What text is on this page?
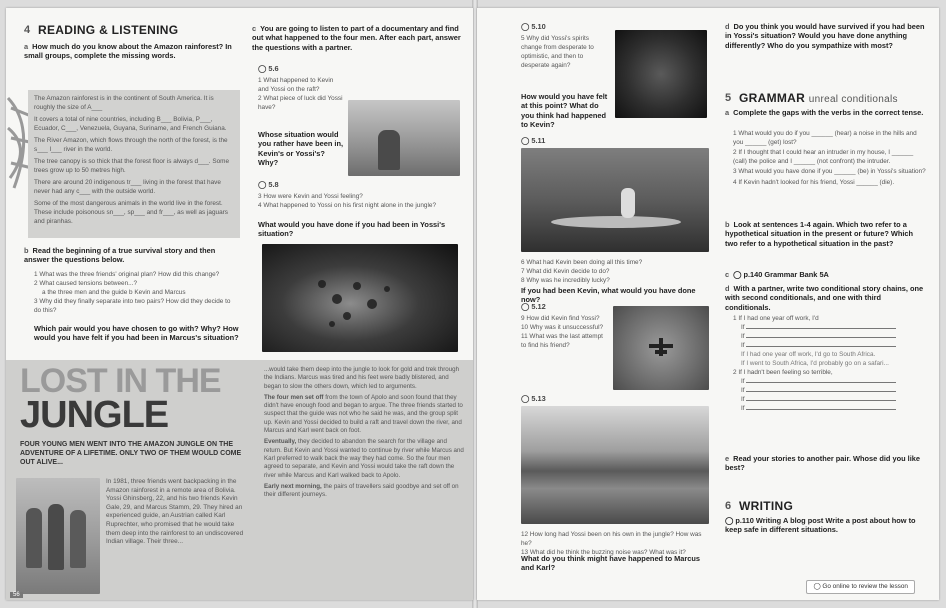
4 READING & LISTENING
a How much do you know about the Amazon rainforest? In small groups, complete the missing words.
The Amazon rainforest is in the continent of South America. It is roughly the size of A___
It covers a total of nine countries, including B___ Bolivia, P___, Ecuador, C___, Venezuela, Guyana, Suriname, and French Guiana.
The River Amazon, which flows through the north of the forest, is the s___ l___ river in the world.
The tree canopy is so thick that the forest floor is always d___. Some trees grow up to 50 metres high.
There are around 20 indigenous tr___ living in the forest that have never had any c___ with the outside world.
Some of the most dangerous animals in the world live in the forest. These include poisonous sn___, sp___ and fr___, as well as jaguars and piranhas.
b Read the beginning of a true survival story and then answer the questions below.
1 What was the three friends' original plan? How did this change?
2 What caused tensions between...?
a the three men and the guide b Kevin and Marcus
3 Why did they finally separate into two pairs? How did they decide to do this?
Which pair would you have chosen to go with? Why? How would you have felt if you had been in Marcus's situation?
c You are going to listen to part of a documentary and find out what happened to the four men. After each part, answer the questions with a partner.
◯ 5.6
1 What happened to Kevin and Yossi on the raft?
2 What piece of luck did Yossi have?
Whose situation would you rather have been in, Kevin's or Yossi's? Why?
◯ 5.8
3 How were Kevin and Yossi feeling?
4 What happened to Yossi on his first night alone in the jungle?
What would you have done if you had been in Yossi's situation?
LOST IN THE
JUNGLE
FOUR YOUNG MEN WENT INTO THE AMAZON JUNGLE ON THE ADVENTURE OF A LIFETIME. ONLY TWO OF THEM WOULD COME OUT ALIVE...
In 1981, three friends went backpacking in the Amazon rainforest in a remote area of Bolivia. Yossi Ghinsberg, 22, and his two friends Kevin Gale, 29, and Marcus Stamm, 29. They hired an experienced guide, an Austrian called Karl Ruprechter, who promised that he would take them deep into the rainforest to an undiscovered Indian village. Their three...
...would take them deep into the jungle to look for gold and trek through the Indians. Marcus was tired and his feet were badly blistered, and began to slow the others down, which led to arguments.
The four men set off from the town of Apolo and soon found that they didn't have enough food and began to argue. The three friends started to suspect that the guide was not who he said he was, and the group split up. Kevin and Yossi decided to build a raft and travel down the river, and Marcus and Karl went back on foot.
Eventually, they decided to abandon the search for the village and return. But Kevin and Yossi wanted to continue by river while Marcus and Karl preferred to walk back the way they had come. So the four men agreed to separate, and Kevin and Yossi would take the raft down the river while Marcus and Karl walked back to Apolo.
Early next morning, the pairs of travellers said goodbye and set off on their different journeys.
56
◯ 5.10
5 Why did Yossi's spirits change from desperate to optimistic, and then to desperate again?
How would you have felt at this point? What do you think had happened to Kevin?
◯ 5.11
6 What had Kevin been doing all this time?
7 What did Kevin decide to do?
8 Why was he incredibly lucky?
If you had been Kevin, what would you have done now?
◯ 5.12
9 How did Kevin find Yossi?
10 Why was it unsuccessful?
11 What was the last attempt to find his friend?
◯ 5.13
12 How long had Yossi been on his own in the jungle? How was he?
13 What did he think the buzzing noise was? What was it?
What do you think might have happened to Marcus and Karl?
d Do you think you would have survived if you had been in Yossi's situation? Would you have done anything differently? Who do you sympathize with most?
5 GRAMMAR unreal conditionals
a Complete the gaps with the verbs in the correct tense.
1 What would you do if you ______ (hear) a noise in the hills and you ______ (get) lost?
2 If I thought that I could hear an intruder in my house, I ______ (call) the police and I ______ (not confront) the intruder.
3 What would you have done if you ______ (be) in Yossi's situation?
4 If Kevin hadn't looked for his friend, Yossi ______ (die).
b Look at sentences 1-4 again. Which two refer to a hypothetical situation in the present or future? Which two refer to a hypothetical situation in the past?
c ◯ p.140 Grammar Bank 5A
d With a partner, write two conditional story chains, one with second conditionals, and one with third conditionals.
1 If I had one year off work, I'd
If
If
If
If I had one year off work, I'd go to South Africa.
If I went to South Africa, I'd probably go on a safari...
2 If I hadn't been feeling so terrible,
If
If
If
If
e Read your stories to another pair. Whose did you like best?
6 WRITING
◯ p.110 Writing A blog post Write a post about how to keep safe in different situations.
◯ Go online to review the lesson
